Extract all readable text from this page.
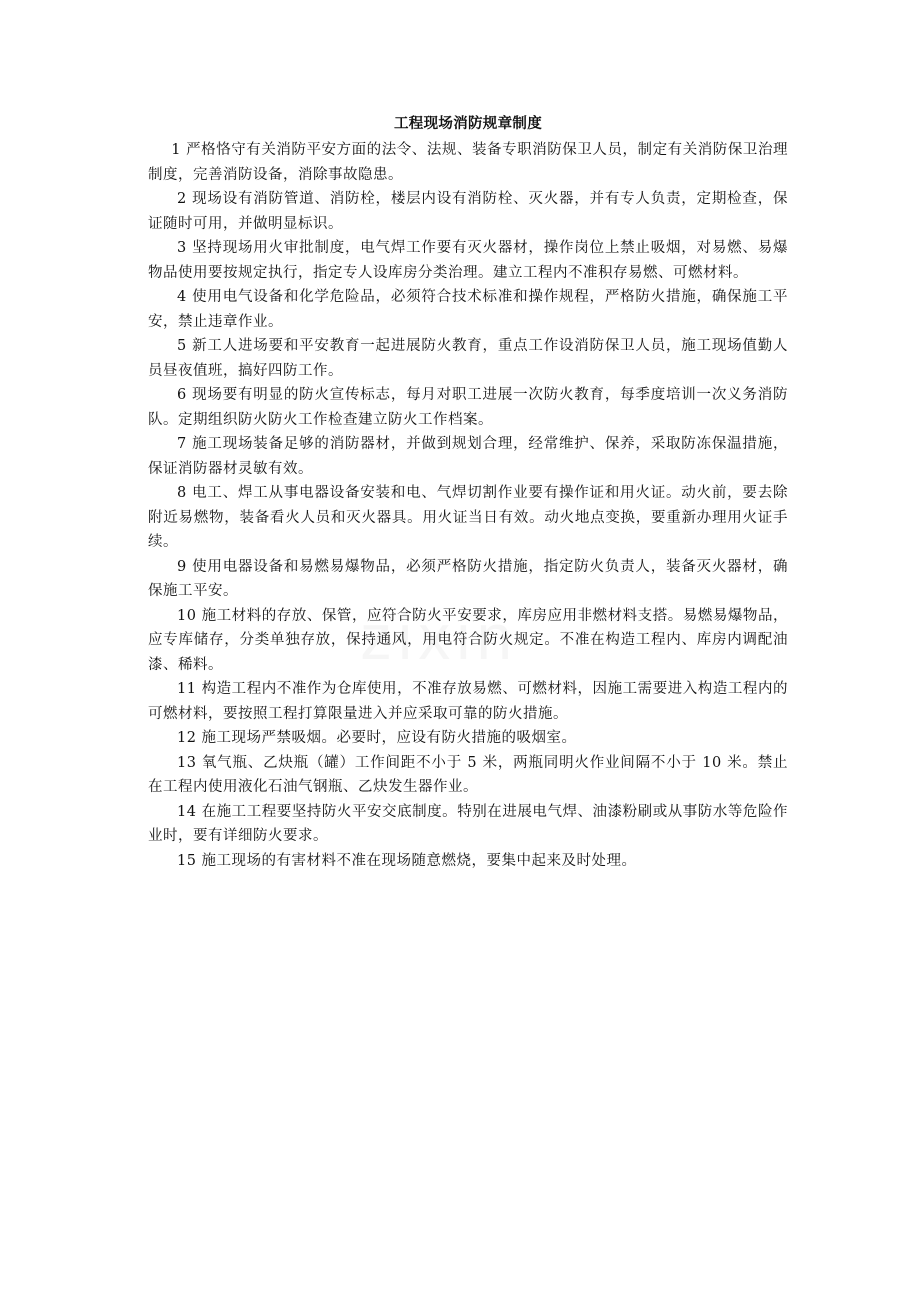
工程现场消防规章制度

1 严格恪守有关消防平安方面的法令、法规、装备专职消防保卫人员，制定有关消防保卫治理制度，完善消防设备，消除事故隐患。

2 现场设有消防管道、消防栓，楼层内设有消防栓、灭火器，并有专人负责，定期检查，保证随时可用，并做明显标识。

3 坚持现场用火审批制度，电气焊工作要有灭火器材，操作岗位上禁止吸烟，对易燃、易爆物品使用要按规定执行，指定专人设库房分类治理。建立工程内不准积存易燃、可燃材料。

4 使用电气设备和化学危险品，必须符合技术标准和操作规程，严格防火措施，确保施工平安，禁止违章作业。

5 新工人进场要和平安教育一起进展防火教育，重点工作设消防保卫人员，施工现场值勤人员昼夜值班，搞好四防工作。

6 现场要有明显的防火宣传标志，每月对职工进展一次防火教育，每季度培训一次义务消防队。定期组织防火防火工作检查建立防火工作档案。

7 施工现场装备足够的消防器材，并做到规划合理，经常维护、保养，采取防冻保温措施，保证消防器材灵敏有效。

8 电工、焊工从事电器设备安装和电、气焊切割作业要有操作证和用火证。动火前，要去除附近易燃物，装备看火人员和灭火器具。用火证当日有效。动火地点变换，要重新办理用火证手续。

9 使用电器设备和易燃易爆物品，必须严格防火措施，指定防火负责人，装备灭火器材，确保施工平安。

10 施工材料的存放、保管，应符合防火平安要求，库房应用非燃材料支搭。易燃易爆物品，应专库储存，分类单独存放，保持通风，用电符合防火规定。不准在构造工程内、库房内调配油漆、稀料。

11 构造工程内不准作为仓库使用，不准存放易燃、可燃材料，因施工需要进入构造工程内的可燃材料，要按照工程打算限量进入并应采取可靠的防火措施。

12 施工现场严禁吸烟。必要时，应设有防火措施的吸烟室。

13 氧气瓶、乙炔瓶（罐）工作间距不小于 5 米，两瓶同明火作业间隔不小于 10 米。禁止在工程内使用液化石油气钢瓶、乙炔发生器作业。

14 在施工工程要坚持防火平安交底制度。特别在进展电气焊、油漆粉刷或从事防水等危险作业时，要有详细防火要求。

15 施工现场的有害材料不准在现场随意燃烧，要集中起来及时处理。
